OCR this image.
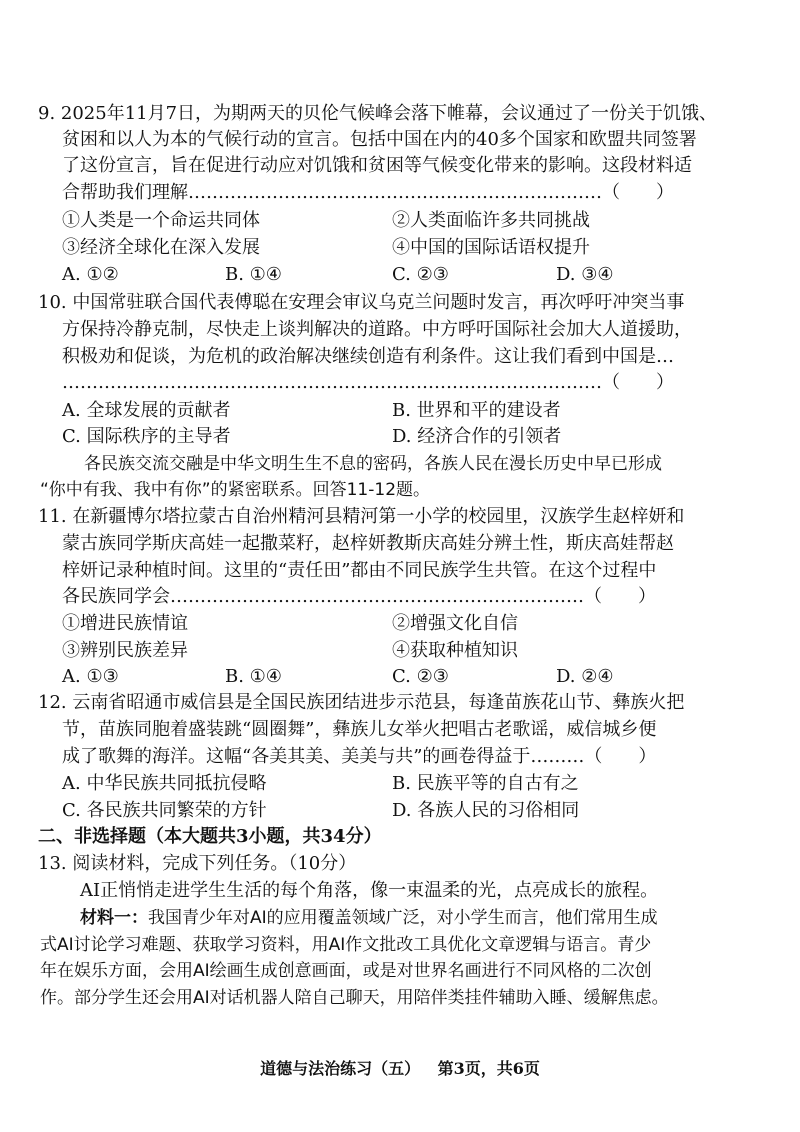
9. 2025年11月7日，为期两天的贝伦气候峰会落下帷幕，会议通过了一份关于饥饿、
贫困和以人为本的气候行动的宣言。包括中国在内的40多个国家和欧盟共同签署
了这份宣言，旨在促进行动应对饥饿和贫困等气候变化带来的影响。这段材料适
合帮助我们理解……………………………………………………………（　　）
①人类是一个命运共同体	②人类面临许多共同挑战
③经济全球化在深入发展	④中国的国际话语权提升
A. ①②	B. ①④	C. ②③	D. ③④
10. 中国常驻联合国代表傅聪在安理会审议乌克兰问题时发言，再次呼吁冲突当事
方保持冷静克制，尽快走上谈判解决的道路。中方呼吁国际社会加大人道援助，
积极劝和促谈，为危机的政治解决继续创造有利条件。这让我们看到中国是…
………………………………………………………………………………（　　）
A. 全球发展的贡献者	B. 世界和平的建设者
C. 国际秩序的主导者	D. 经济合作的引领者
各民族交流交融是中华文明生生不息的密码，各族人民在漫长历史中早已形成
“你中有我、我中有你”的紧密联系。回答11-12题。
11. 在新疆博尔塔拉蒙古自治州精河县精河第一小学的校园里，汉族学生赵梓妍和
蒙古族同学斯庆高娃一起撒菜籽，赵梓妍教斯庆高娃分辨土性，斯庆高娃帮赵
梓妍记录种植时间。这里的“责任田”都由不同民族学生共管。在这个过程中
各民族同学会……………………………………………………………（　　）
①增进民族情谊	②增强文化自信
③辨别民族差异	④获取种植知识
A. ①③	B. ①④	C. ②③	D. ②④
12. 云南省昭通市威信县是全国民族团结进步示范县，每逢苗族花山节、彝族火把
节，苗族同胞着盛装跳“圆圈舞”，彝族儿女举火把唱古老歌谣，威信城乡便
成了歌舞的海洋。这幅“各美其美、美美与共”的画卷得益于………（　　）
A. 中华民族共同抵抗侵略	B. 民族平等的自古有之
C. 各民族共同繁荣的方针	D. 各族人民的习俗相同
二、非选择题（本大题共3小题，共34分）
13. 阅读材料，完成下列任务。（10分）
AI正悄悄走进学生生活的每个角落，像一束温柔的光，点亮成长的旅程。
材料一：我国青少年对AI的应用覆盖领域广泛，对小学生而言，他们常用生成
式AI讨论学习难题、获取学习资料，用AI作文批改工具优化文章逻辑与语言。青少
年在娱乐方面，会用AI绘画生成创意画面，或是对世界名画进行不同风格的二次创
作。部分学生还会用AI对话机器人陪自己聊天，用陪伴类挂件辅助入睡、缓解焦虑。
道德与法治练习（五） 第3页，共6页
